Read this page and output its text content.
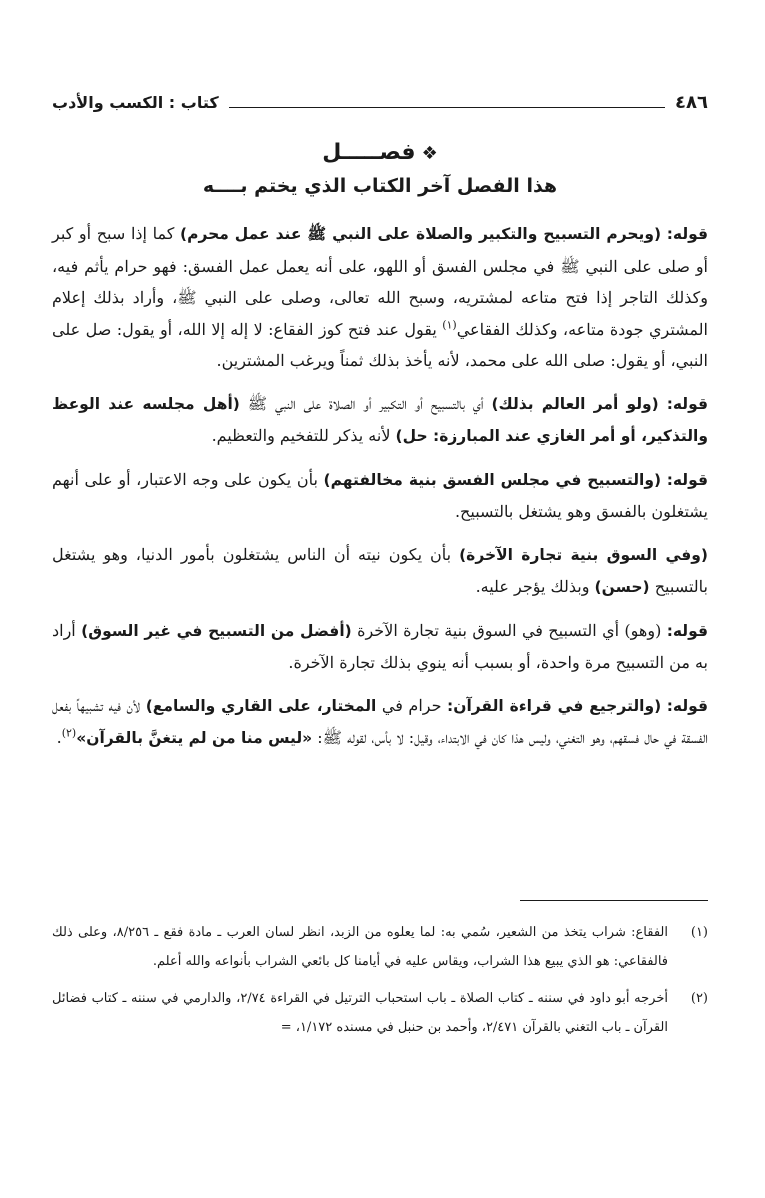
٤٨٦
كتاب : الكسب والأدب
❖فصـــــل
هذا الفصل آخر الكتاب الذي يختم بــــه

قوله: (ويحرم التسبيح والتكبير والصلاة على النبي ﷺ عند عمل محرم) كما إذا سبح أو كبر أو صلى على النبي ﷺ في مجلس الفسق أو اللهو، على أنه يعمل عمل الفسق: فهو حرام يأثم فيه، وكذلك التاجر إذا فتح متاعه لمشتريه، وسبح الله تعالى، وصلى على النبي ﷺ، وأراد بذلك إعلام المشتري جودة متاعه، وكذلك الفقاعي$^{(١)}$ يقول عند فتح كوز الفقاع: لا إله إلا الله، أو يقول: صل على النبي، أو يقول: صلى الله على محمد، لأنه يأخذ بذلك ثمناً ويرغب المشترين.

قوله: (ولو أمر العالم بذلك) أي بالتسبيح أو التكبير أو الصلاة على النبي ﷺ (أهل مجلسه عند الوعظ والتذكير، أو أمر الغازي عند المبارزة: حل) لأنه يذكر للتفخيم والتعظيم.

قوله: (والتسبيح في مجلس الفسق بنية مخالفتهم) بأن يكون على وجه الاعتبار، أو على أنهم يشتغلون بالفسق وهو يشتغل بالتسبيح.

(وفي السوق بنية تجارة الآخرة) بأن يكون نيته أن الناس يشتغلون بأمور الدنيا، وهو يشتغل بالتسبيح (حسن) وبذلك يؤجر عليه.

قوله: (وهو) أي التسبيح في السوق بنية تجارة الآخرة (أفضل من التسبيح في غير السوق) أراد به من التسبيح مرة واحدة، أو بسبب أنه ينوي بذلك تجارة الآخرة.

قوله: (والترجيع في قراءة القرآن: حرام في المختار، على القاري والسامع) لأن فيه تشبيهاً بفعل الفسقة في حال فسقهم، وهو التغني، وليس هذا كان في الابتداء، وقيل: لا بأس، لقوله ﷺ: «ليس منا من لم يتغنَّ بالقرآن»$^{(٢)}$.

(١)
الفقاع: شراب يتخذ من الشعير، سُمي به: لما يعلوه من الزبد، انظر لسان العرب ـ مادة فقع ـ ٨/٢٥٦، وعلى ذلك فالفقاعي: هو الذي يبيع هذا الشراب، ويقاس عليه في أيامنا كل بائعي الشراب بأنواعه والله أعلم.
(٢)
أخرجه أبو داود في سننه ـ كتاب الصلاة ـ باب استحباب الترتيل في القراءة ٢/٧٤، والدارمي في سننه ـ كتاب فضائل القرآن ـ باب التغني بالقرآن ٢/٤٧١، وأحمد بن حنبل في مسنده ١/١٧٢، =
